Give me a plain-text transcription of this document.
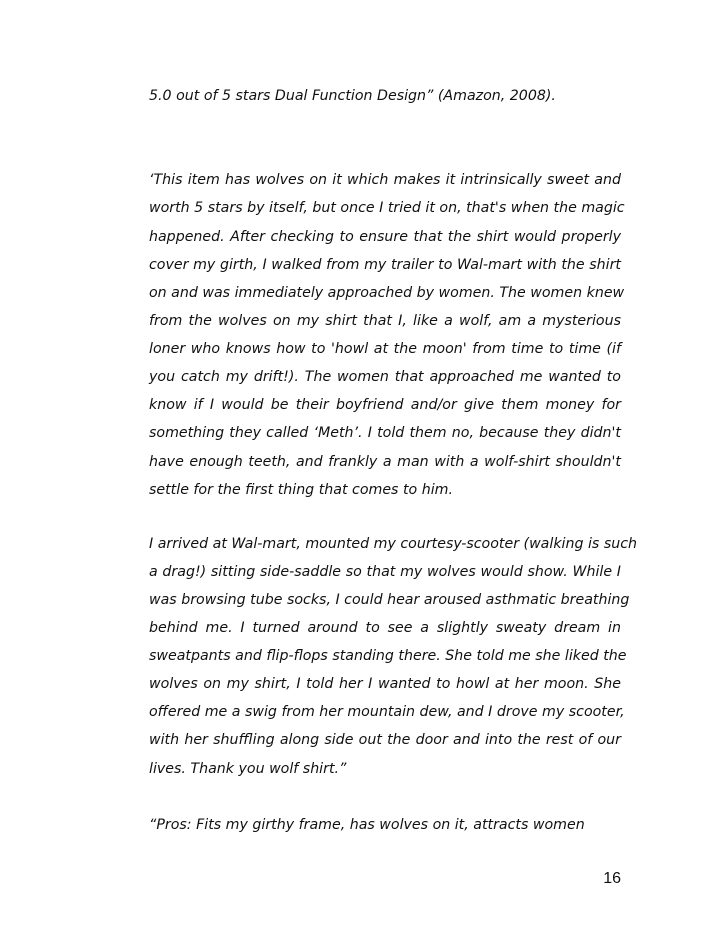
5.0 out of 5 stars Dual Function Design” (Amazon, 2008).
‘This item has wolves on it which makes it intrinsically sweet and
worth 5 stars by itself, but once I tried it on, that's when the magic
happened. After checking to ensure that the shirt would properly
cover my girth, I walked from my trailer to Wal-mart with the shirt
on and was immediately approached by women. The women knew
from the wolves on my shirt that I, like a wolf, am a mysterious
loner who knows how to 'howl at the moon' from time to time (if
you catch my drift!). The women that approached me wanted to
know if I would be their boyfriend and/or give them money for
something they called ‘Meth’. I told them no, because they didn't
have enough teeth, and frankly a man with a wolf-shirt shouldn't
settle for the first thing that comes to him.
I arrived at Wal-mart, mounted my courtesy-scooter (walking is such
a drag!) sitting side-saddle so that my wolves would show. While I
was browsing tube socks, I could hear aroused asthmatic breathing
behind me. I turned around to see a slightly sweaty dream in
sweatpants and flip-flops standing there. She told me she liked the
wolves on my shirt, I told her I wanted to howl at her moon. She
offered me a swig from her mountain dew, and I drove my scooter,
with her shuffling along side out the door and into the rest of our
lives. Thank you wolf shirt.”
“Pros: Fits my girthy frame, has wolves on it, attracts women
16
